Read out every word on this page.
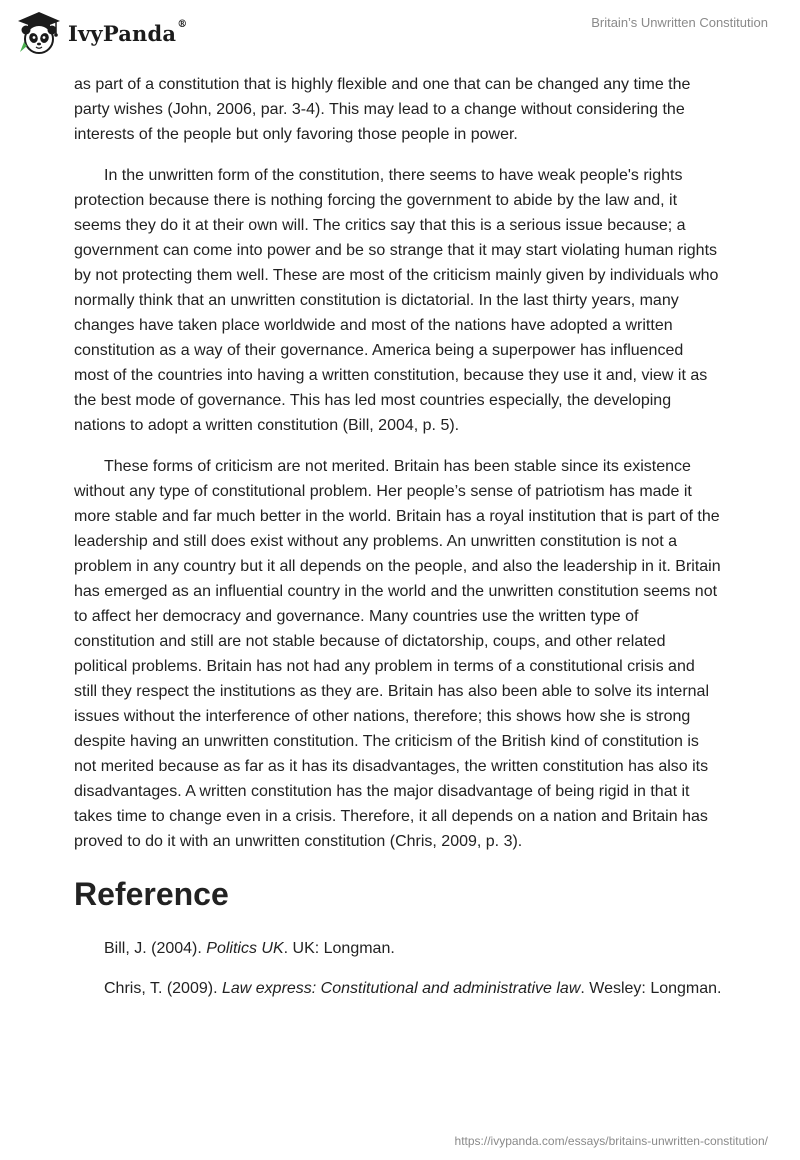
IvyPanda®	Britain’s Unwritten Constitution

as part of a constitution that is highly flexible and one that can be changed any time the party wishes (John, 2006, par. 3-4). This may lead to a change without considering the interests of the people but only favoring those people in power.

In the unwritten form of the constitution, there seems to have weak people's rights protection because there is nothing forcing the government to abide by the law and, it seems they do it at their own will. The critics say that this is a serious issue because; a government can come into power and be so strange that it may start violating human rights by not protecting them well. These are most of the criticism mainly given by individuals who normally think that an unwritten constitution is dictatorial. In the last thirty years, many changes have taken place worldwide and most of the nations have adopted a written constitution as a way of their governance. America being a superpower has influenced most of the countries into having a written constitution, because they use it and, view it as the best mode of governance. This has led most countries especially, the developing nations to adopt a written constitution (Bill, 2004, p. 5).

These forms of criticism are not merited. Britain has been stable since its existence without any type of constitutional problem. Her people’s sense of patriotism has made it more stable and far much better in the world. Britain has a royal institution that is part of the leadership and still does exist without any problems. An unwritten constitution is not a problem in any country but it all depends on the people, and also the leadership in it. Britain has emerged as an influential country in the world and the unwritten constitution seems not to affect her democracy and governance. Many countries use the written type of constitution and still are not stable because of dictatorship, coups, and other related political problems. Britain has not had any problem in terms of a constitutional crisis and still they respect the institutions as they are. Britain has also been able to solve its internal issues without the interference of other nations, therefore; this shows how she is strong despite having an unwritten constitution. The criticism of the British kind of constitution is not merited because as far as it has its disadvantages, the written constitution has also its disadvantages. A written constitution has the major disadvantage of being rigid in that it takes time to change even in a crisis. Therefore, it all depends on a nation and Britain has proved to do it with an unwritten constitution (Chris, 2009, p. 3).

Reference

Bill, J. (2004). Politics UK. UK: Longman.

Chris, T. (2009). Law express: Constitutional and administrative law. Wesley: Longman.

https://ivypanda.com/essays/britains-unwritten-constitution/
